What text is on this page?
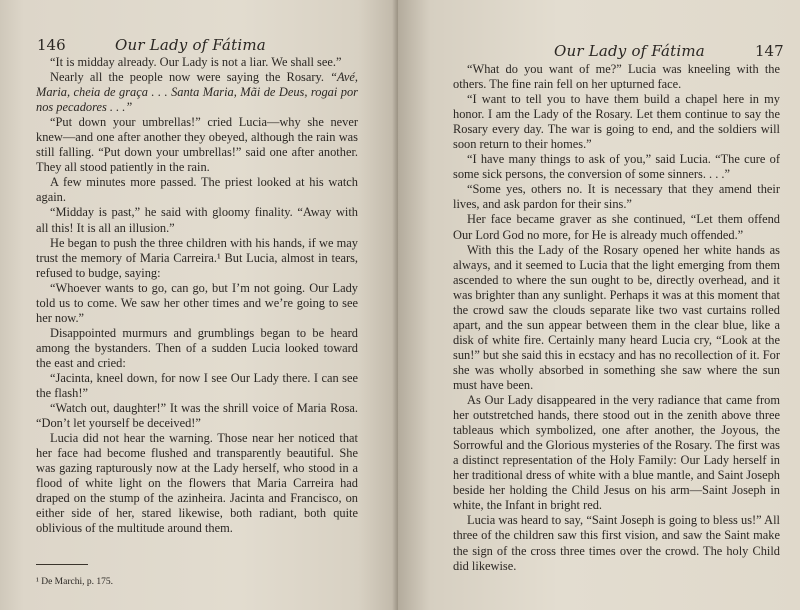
146	Our Lady of Fátima

“It is midday already. Our Lady is not a liar. We shall see.”

Nearly all the people now were saying the Rosary. “Avé, Maria, cheia de graça . . . Santa Maria, Mãi de Deus, rogai por nos pecadores . . .”

“Put down your umbrellas!” cried Lucia—why she never knew—and one after another they obeyed, although the rain was still falling. “Put down your umbrellas!” said one after another. They all stood patiently in the rain.

A few minutes more passed. The priest looked at his watch again.

“Midday is past,” he said with gloomy finality. “Away with all this! It is all an illusion.”

He began to push the three children with his hands, if we may trust the memory of Maria Carreira.¹ But Lucia, almost in tears, refused to budge, saying:

“Whoever wants to go, can go, but I’m not going. Our Lady told us to come. We saw her other times and we’re going to see her now.”

Disappointed murmurs and grumblings began to be heard among the bystanders. Then of a sudden Lucia looked toward the east and cried:

“Jacinta, kneel down, for now I see Our Lady there. I can see the flash!”

“Watch out, daughter!” It was the shrill voice of Maria Rosa. “Don’t let yourself be deceived!”

Lucia did not hear the warning. Those near her noticed that her face had become flushed and transparently beautiful. She was gazing rapturously now at the Lady herself, who stood in a flood of white light on the flowers that Maria Carreira had draped on the stump of the azinheira. Jacinta and Francisco, on either side of her, stared likewise, both radiant, both quite oblivious of the multitude around them.

¹ De Marchi, p. 175.
Our Lady of Fátima	147

“What do you want of me?” Lucia was kneeling with the others. The fine rain fell on her upturned face.

“I want to tell you to have them build a chapel here in my honor. I am the Lady of the Rosary. Let them continue to say the Rosary every day. The war is going to end, and the soldiers will soon return to their homes.”

“I have many things to ask of you,” said Lucia. “The cure of some sick persons, the conversion of some sinners. . . .”

“Some yes, others no. It is necessary that they amend their lives, and ask pardon for their sins.”

Her face became graver as she continued, “Let them offend Our Lord God no more, for He is already much offended.”

With this the Lady of the Rosary opened her white hands as always, and it seemed to Lucia that the light emerging from them ascended to where the sun ought to be, directly overhead, and it was brighter than any sunlight. Perhaps it was at this moment that the crowd saw the clouds separate like two vast curtains rolled apart, and the sun appear between them in the clear blue, like a disk of white fire. Certainly many heard Lucia cry, “Look at the sun!” but she said this in ecstacy and has no recollection of it. For she was wholly absorbed in something she saw where the sun must have been.

As Our Lady disappeared in the very radiance that came from her outstretched hands, there stood out in the zenith above three tableaus which symbolized, one after another, the Joyous, the Sorrowful and the Glorious mysteries of the Rosary. The first was a distinct representation of the Holy Family: Our Lady herself in her traditional dress of white with a blue mantle, and Saint Joseph beside her holding the Child Jesus on his arm—Saint Joseph in white, the Infant in bright red.

Lucia was heard to say, “Saint Joseph is going to bless us!” All three of the children saw this first vision, and saw the Saint make the sign of the cross three times over the crowd. The holy Child did likewise.
